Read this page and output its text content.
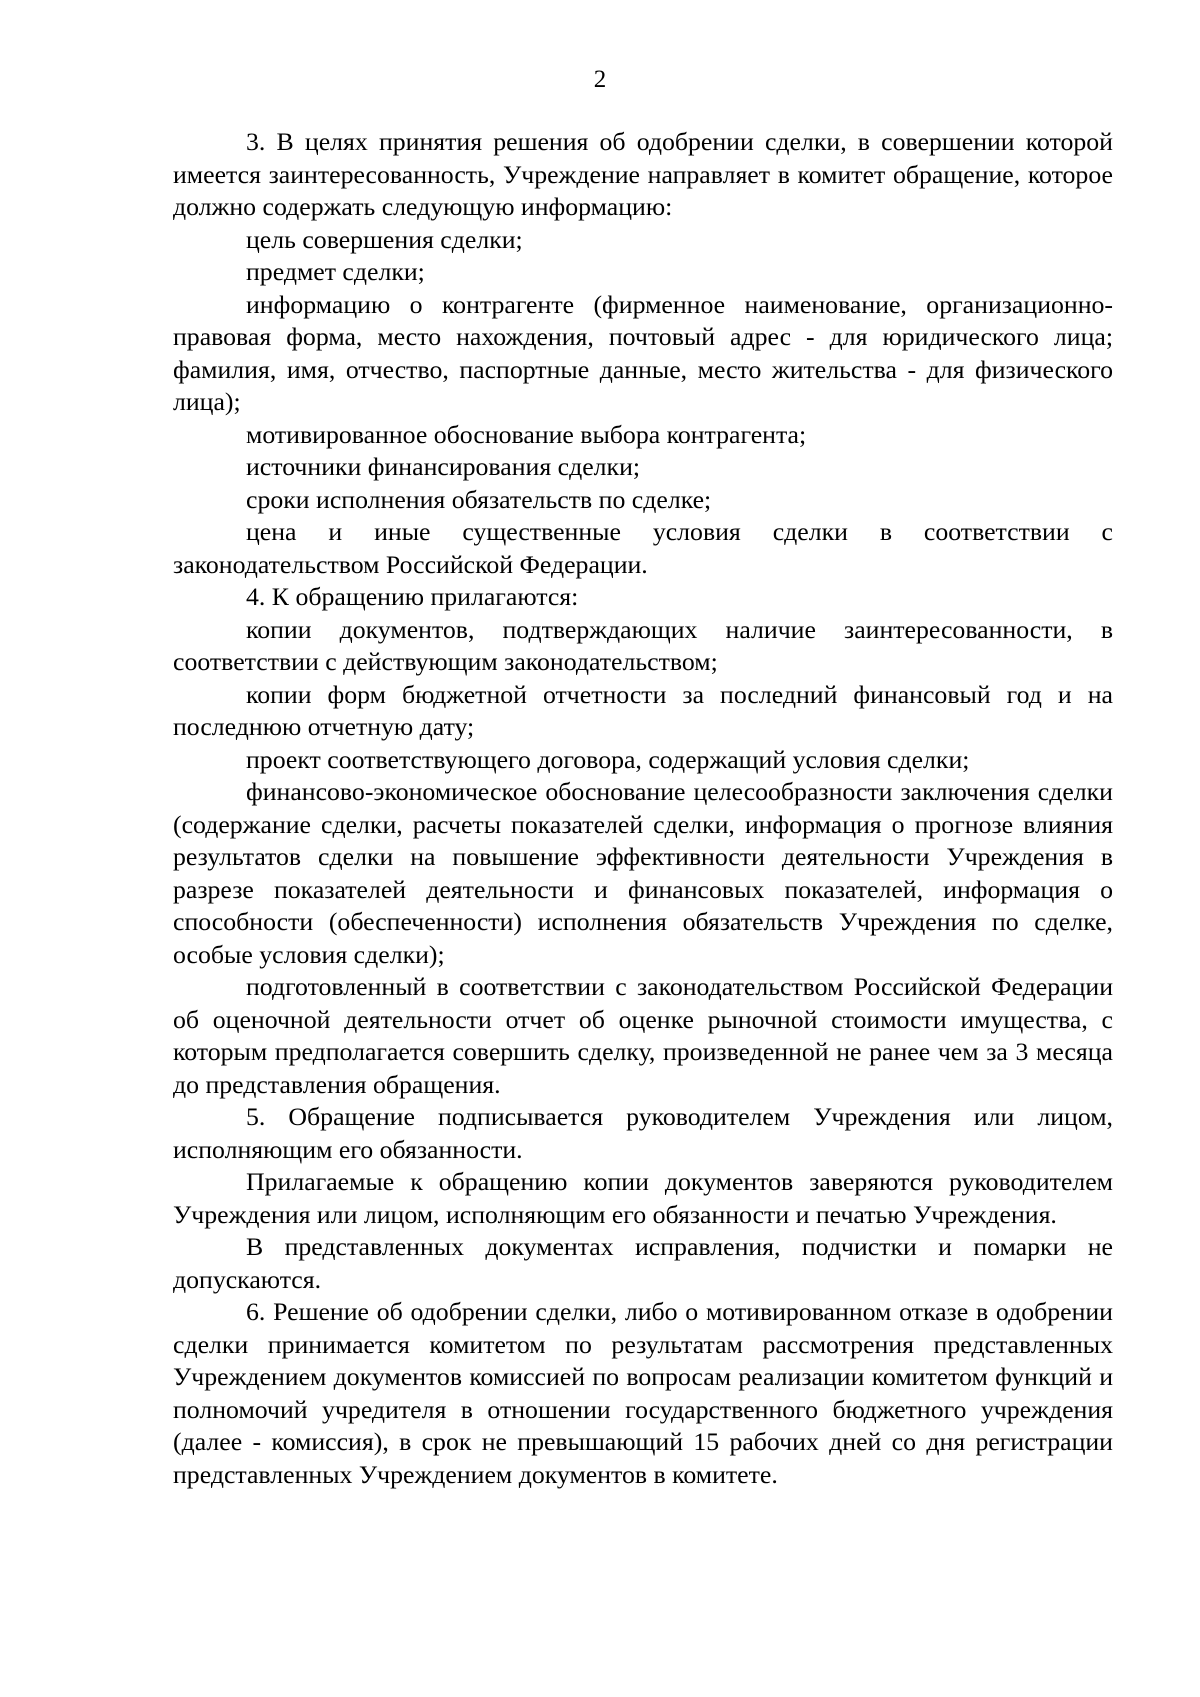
2

3. В целях принятия решения об одобрении сделки, в совершении которой имеется заинтересованность, Учреждение направляет в комитет обращение, которое должно содержать следующую информацию:

цель совершения сделки;

предмет сделки;

информацию о контрагенте (фирменное наименование, организационно-правовая форма, место нахождения, почтовый адрес - для юридического лица; фамилия, имя, отчество, паспортные данные, место жительства - для физического лица);

мотивированное обоснование выбора контрагента;

источники финансирования сделки;

сроки исполнения обязательств по сделке;

цена и иные существенные условия сделки в соответствии с законодательством Российской Федерации.

4. К обращению прилагаются:

копии документов, подтверждающих наличие заинтересованности, в соответствии с действующим законодательством;

копии форм бюджетной отчетности за последний финансовый год и на последнюю отчетную дату;

проект соответствующего договора, содержащий условия сделки;

финансово-экономическое обоснование целесообразности заключения сделки (содержание сделки, расчеты показателей сделки, информация о прогнозе влияния результатов сделки на повышение эффективности деятельности Учреждения в разрезе показателей деятельности и финансовых показателей, информация о способности (обеспеченности) исполнения обязательств Учреждения по сделке, особые условия сделки);

подготовленный в соответствии с законодательством Российской Федерации об оценочной деятельности отчет об оценке рыночной стоимости имущества, с которым предполагается совершить сделку, произведенной не ранее чем за 3 месяца до представления обращения.

5. Обращение подписывается руководителем Учреждения или лицом, исполняющим его обязанности.

Прилагаемые к обращению копии документов заверяются руководителем Учреждения или лицом, исполняющим его обязанности и печатью Учреждения.

В представленных документах исправления, подчистки и помарки не допускаются.

6. Решение об одобрении сделки, либо о мотивированном отказе в одобрении сделки принимается комитетом по результатам рассмотрения представленных Учреждением документов комиссией по вопросам реализации комитетом функций и полномочий учредителя в отношении государственного бюджетного учреждения (далее - комиссия), в срок не превышающий 15 рабочих дней со дня регистрации представленных Учреждением документов в комитете.
